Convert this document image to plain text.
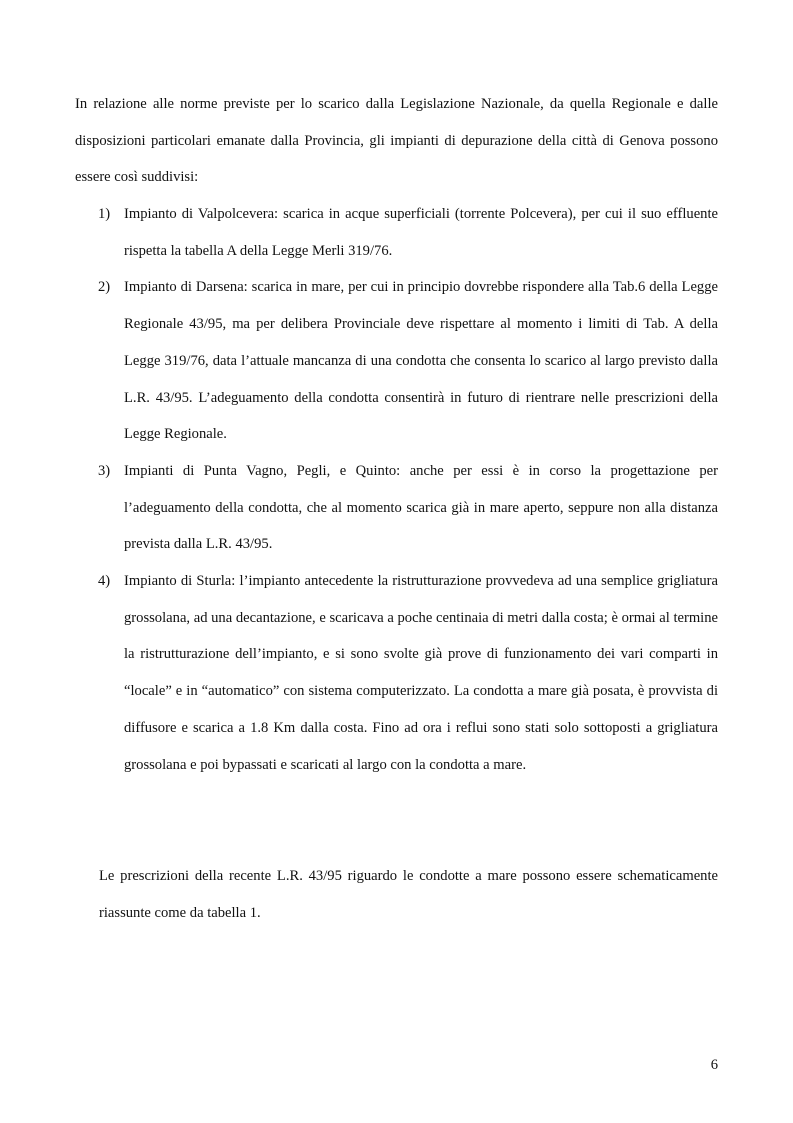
In relazione alle norme previste per lo scarico dalla Legislazione Nazionale, da quella Regionale e dalle disposizioni particolari emanate dalla Provincia, gli impianti di depurazione della città di Genova possono essere così suddivisi:

1) Impianto di Valpolcevera: scarica in acque superficiali (torrente Polcevera), per cui il suo effluente rispetta la tabella A della Legge Merli 319/76.
2) Impianto di Darsena: scarica in mare, per cui in principio dovrebbe rispondere alla Tab.6 della Legge Regionale 43/95, ma per delibera Provinciale deve rispettare al momento i limiti di Tab. A della Legge 319/76, data l’attuale mancanza di una condotta che consenta lo scarico al largo previsto dalla L.R. 43/95. L’adeguamento della condotta consentirà in futuro di rientrare nelle prescrizioni della Legge Regionale.
3) Impianti di Punta Vagno, Pegli, e Quinto: anche per essi è in corso la progettazione per l’adeguamento della condotta, che al momento scarica già in mare aperto, seppure non alla distanza prevista dalla L.R. 43/95.
4) Impianto di Sturla: l’impianto antecedente la ristrutturazione provvedeva ad una semplice grigliatura grossolana, ad una decantazione, e scaricava a poche centinaia di metri dalla costa; è ormai al termine la ristrutturazione dell’impianto, e si sono svolte già prove di funzionamento dei vari comparti in “locale” e in “automatico” con sistema computerizzato. La condotta a mare già posata, è provvista di diffusore e scarica a 1.8 Km dalla costa. Fino ad ora i reflui sono stati solo sottoposti a grigliatura grossolana e poi bypassati e scaricati al largo con la condotta a mare.

Le prescrizioni della recente L.R. 43/95 riguardo le condotte a mare possono essere schematicamente riassunte come da tabella 1.

6
